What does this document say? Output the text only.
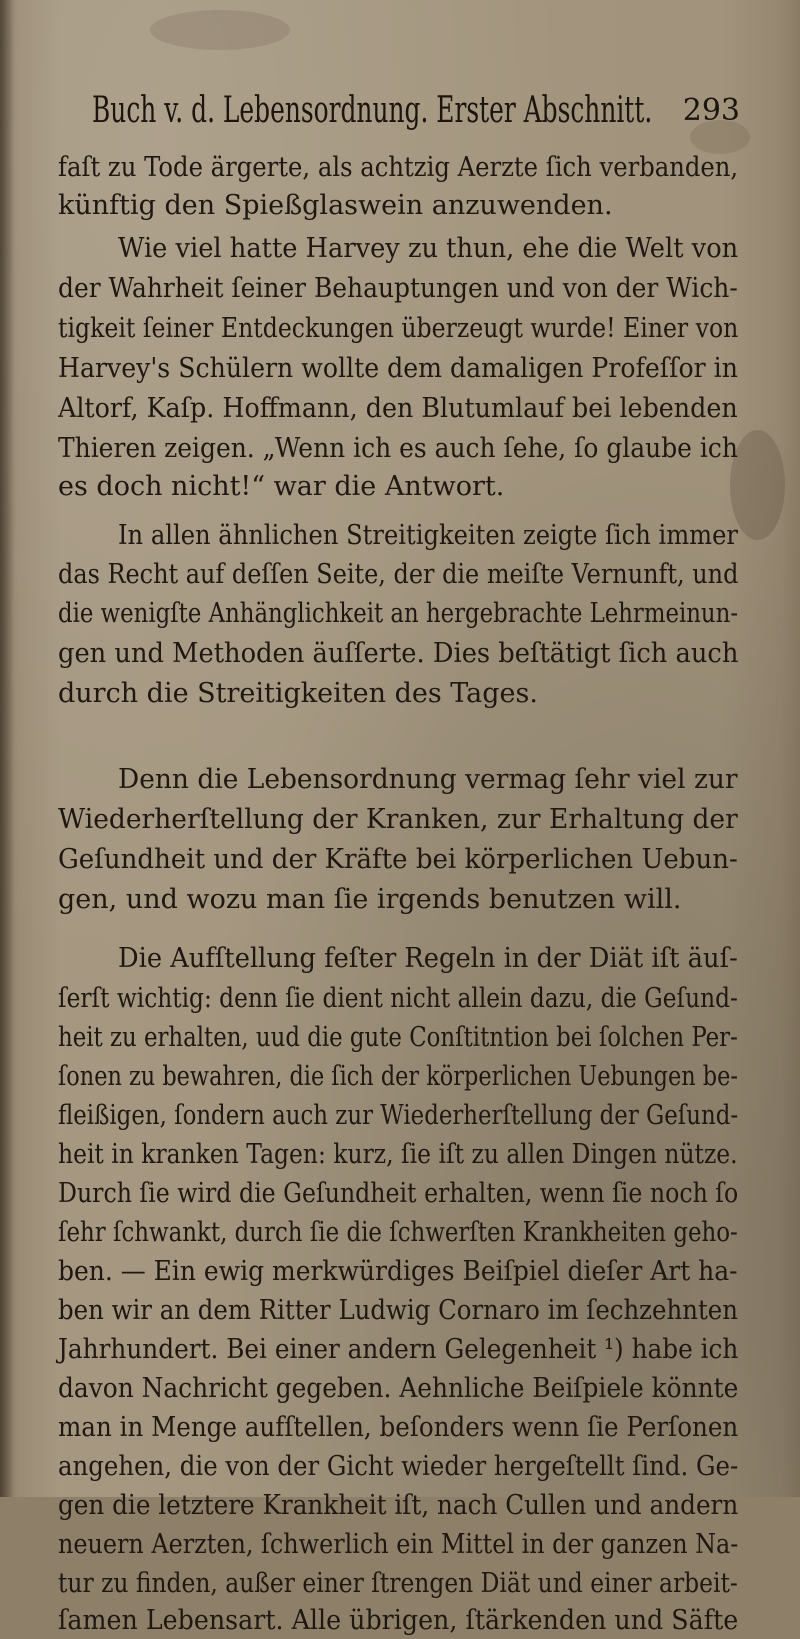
Buch v. d. Lebensordnung. Erster Abschnitt. 293
faſt zu Tode ärgerte, als achtzig Aerzte ſich verbanden,
künftig den Spießglaswein anzuwenden.
Wie viel hatte Harvey zu thun, ehe die Welt von
der Wahrheit ſeiner Behauptungen und von der Wich-
tigkeit ſeiner Entdeckungen überzeugt wurde! Einer von
Harvey's Schülern wollte dem damaligen Profeſſor in
Altorf, Kaſp. Hoffmann, den Blutumlauf bei lebenden
Thieren zeigen. „Wenn ich es auch ſehe, ſo glaube ich
es doch nicht!“ war die Antwort.
In allen ähnlichen Streitigkeiten zeigte ſich immer
das Recht auf deſſen Seite, der die meiſte Vernunft, und
die wenigſte Anhänglichkeit an hergebrachte Lehrmeinun-
gen und Methoden äuſſerte. Dies beſtätigt ſich auch
durch die Streitigkeiten des Tages.
Denn die Lebensordnung vermag ſehr viel zur
Wiederherſtellung der Kranken, zur Erhaltung der
Geſundheit und der Kräfte bei körperlichen Uebun-
gen, und wozu man ſie irgends benutzen will.
Die Aufſtellung feſter Regeln in der Diät iſt äuſ-
ſerſt wichtig: denn ſie dient nicht allein dazu, die Geſund-
heit zu erhalten, uud die gute Conſtitntion bei ſolchen Per-
ſonen zu bewahren, die ſich der körperlichen Uebungen be-
fleißigen, ſondern auch zur Wiederherſtellung der Geſund-
heit in kranken Tagen: kurz, ſie iſt zu allen Dingen nütze.
Durch ſie wird die Geſundheit erhalten, wenn ſie noch ſo
ſehr ſchwankt, durch ſie die ſchwerſten Krankheiten geho-
ben. — Ein ewig merkwürdiges Beiſpiel dieſer Art ha-
ben wir an dem Ritter Ludwig Cornaro im ſechzehnten
Jahrhundert. Bei einer andern Gelegenheit ¹) habe ich
davon Nachricht gegeben. Aehnliche Beiſpiele könnte
man in Menge aufſtellen, beſonders wenn ſie Perſonen
angehen, die von der Gicht wieder hergeſtellt ſind. Ge-
gen die letztere Krankheit iſt, nach Cullen und andern
neuern Aerzten, ſchwerlich ein Mittel in der ganzen Na-
tur zu finden, außer einer ſtrengen Diät und einer arbeit-
ſamen Lebensart. Alle übrigen, ſtärkenden und Säfte
